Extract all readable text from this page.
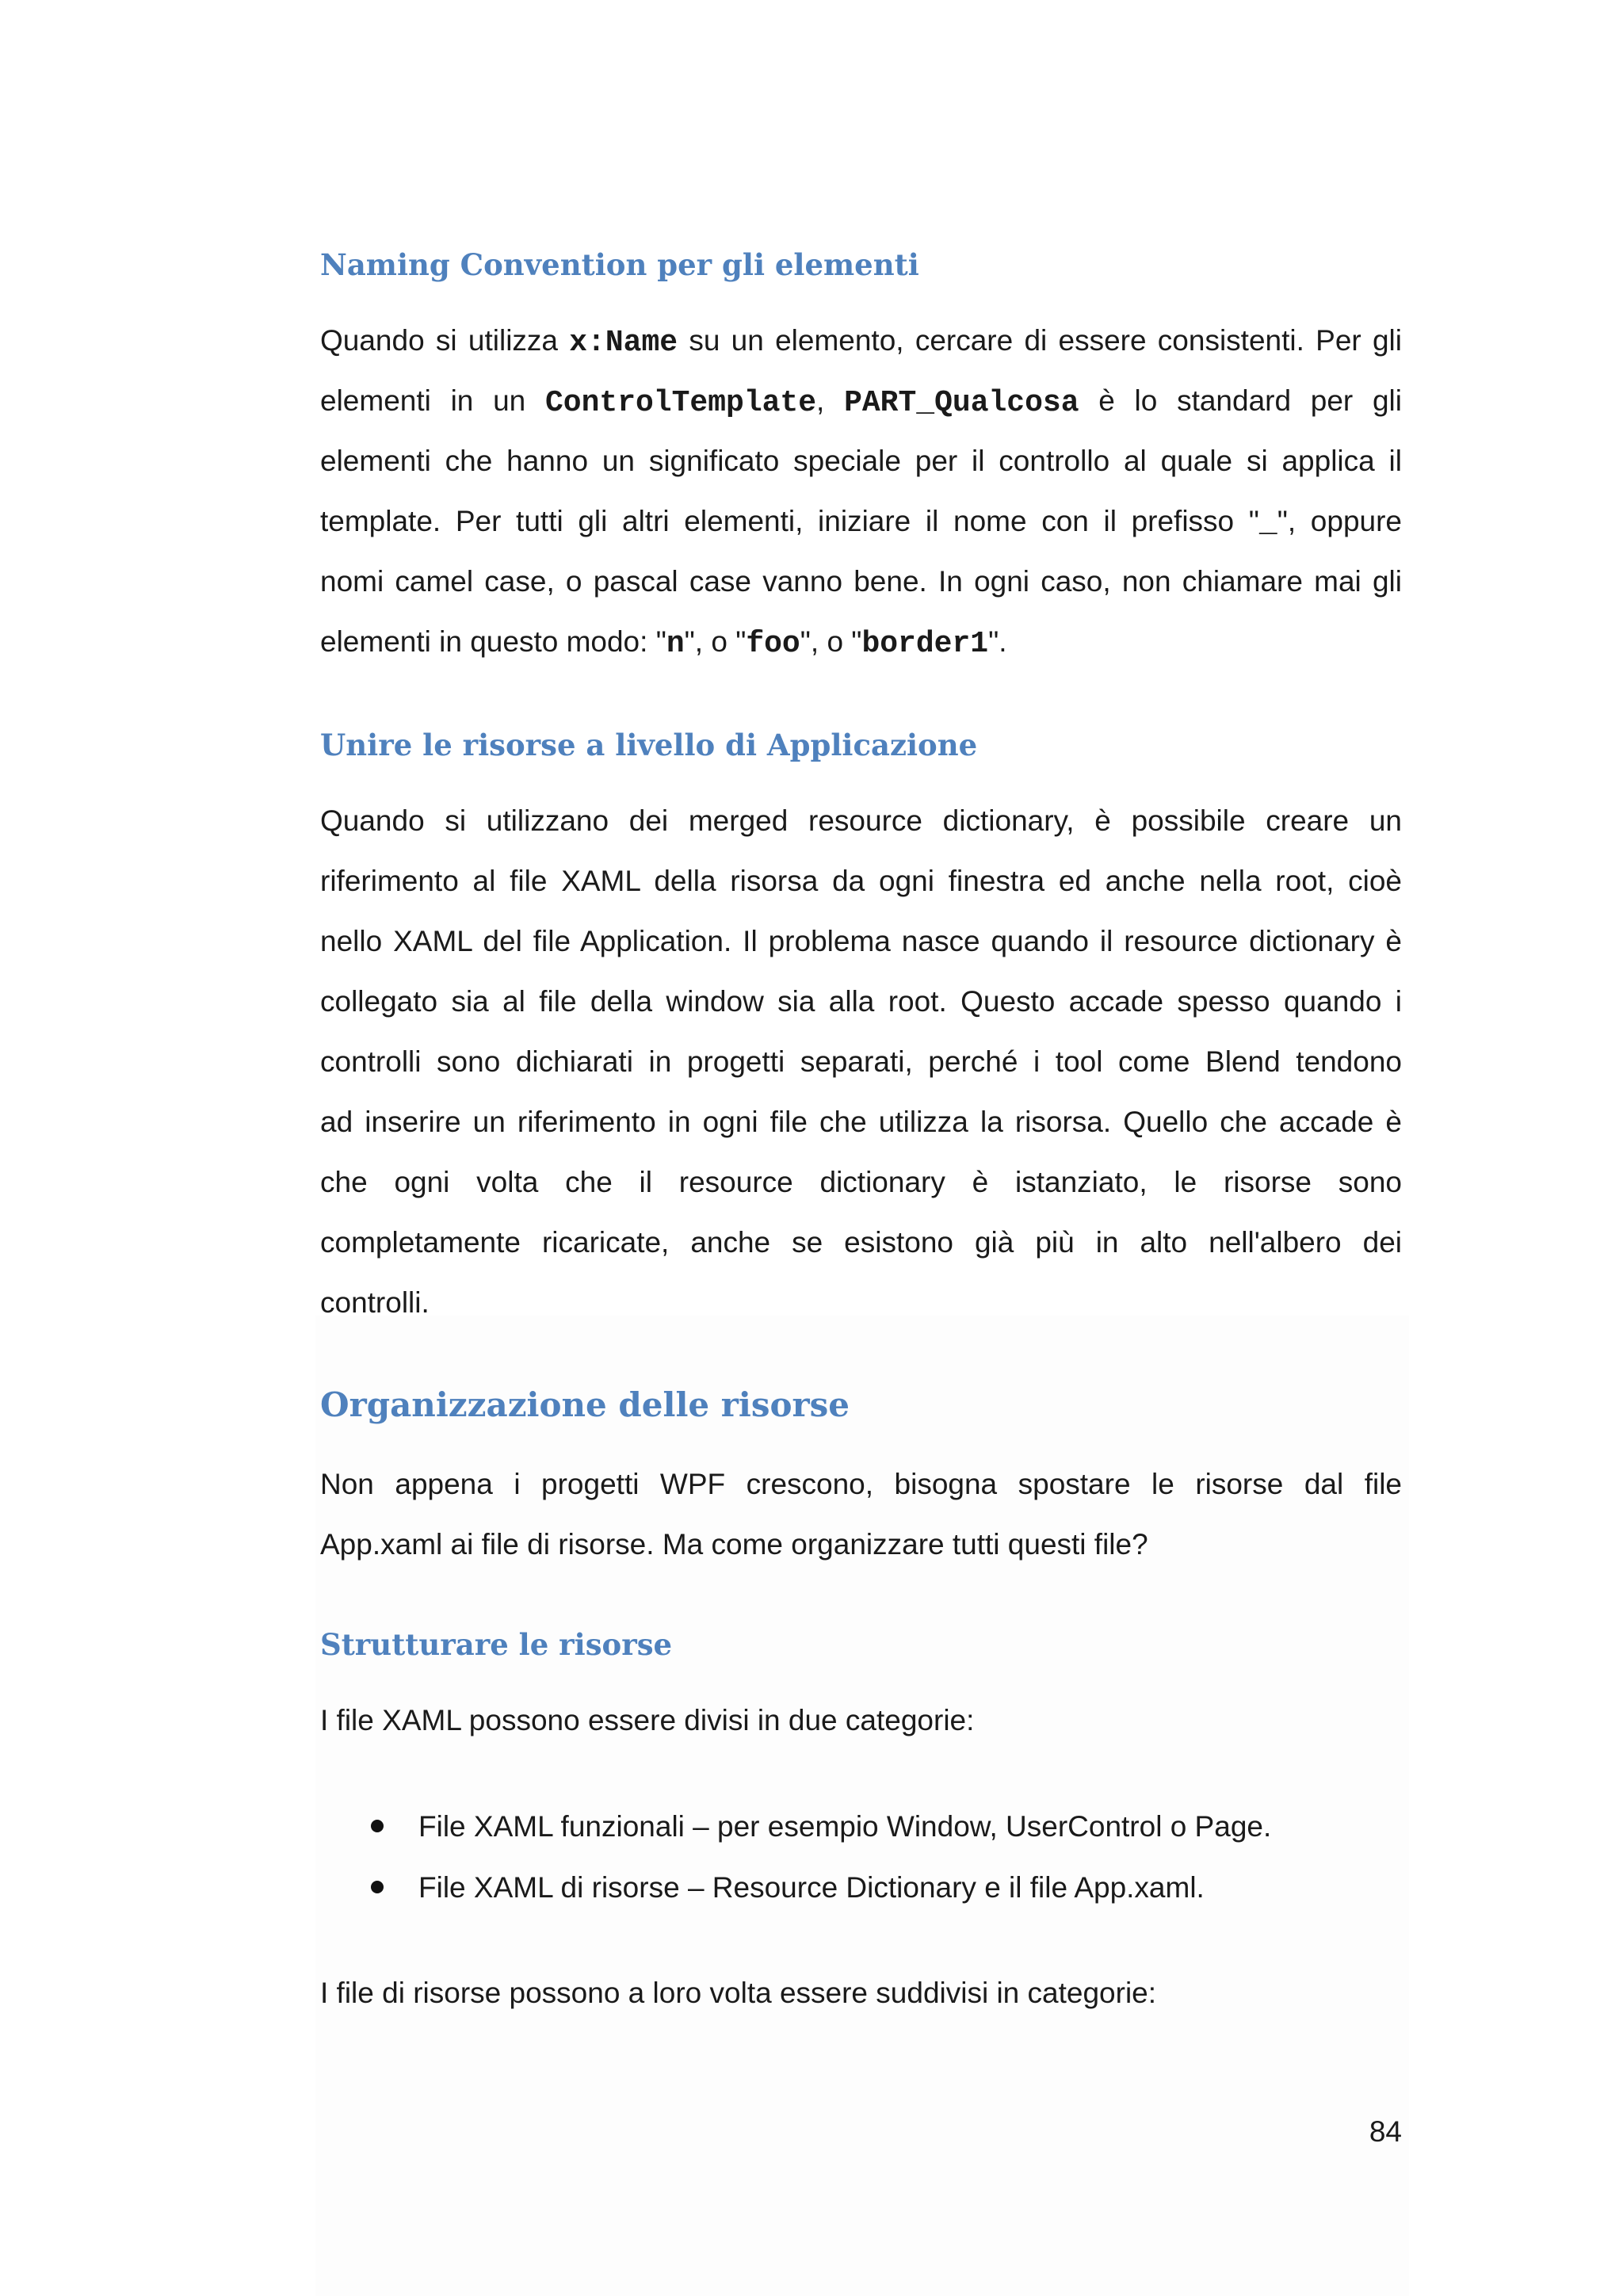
Naming Convention per gli elementi
Quando si utilizza x:Name su un elemento, cercare di essere consistenti. Per gli
elementi in un ControlTemplate, PART_Qualcosa è lo standard per gli
elementi che hanno un significato speciale per il controllo al quale si applica il
template. Per tutti gli altri elementi, iniziare il nome con il prefisso "_", oppure
nomi camel case, o pascal case vanno bene. In ogni caso, non chiamare mai gli
elementi in questo modo: "n", o "foo", o "border1".
Unire le risorse a livello di Applicazione
Quando si utilizzano dei merged resource dictionary, è possibile creare un
riferimento al file XAML della risorsa da ogni finestra ed anche nella root, cioè
nello XAML del file Application. Il problema nasce quando il resource dictionary è
collegato sia al file della window sia alla root. Questo accade spesso quando i
controlli sono dichiarati in progetti separati, perché i tool come Blend tendono
ad inserire un riferimento in ogni file che utilizza la risorsa. Quello che accade è
che ogni volta che il resource dictionary è istanziato, le risorse sono
completamente ricaricate, anche se esistono già più in alto nell'albero dei
controlli.
Organizzazione delle risorse
Non appena i progetti WPF crescono, bisogna spostare le risorse dal file
App.xaml ai file di risorse. Ma come organizzare tutti questi file?
Strutturare le risorse
I file XAML possono essere divisi in due categorie:
File XAML funzionali – per esempio Window, UserControl o Page.
File XAML di risorse – Resource Dictionary e il file App.xaml.
I file di risorse possono a loro volta essere suddivisi in categorie:
84
